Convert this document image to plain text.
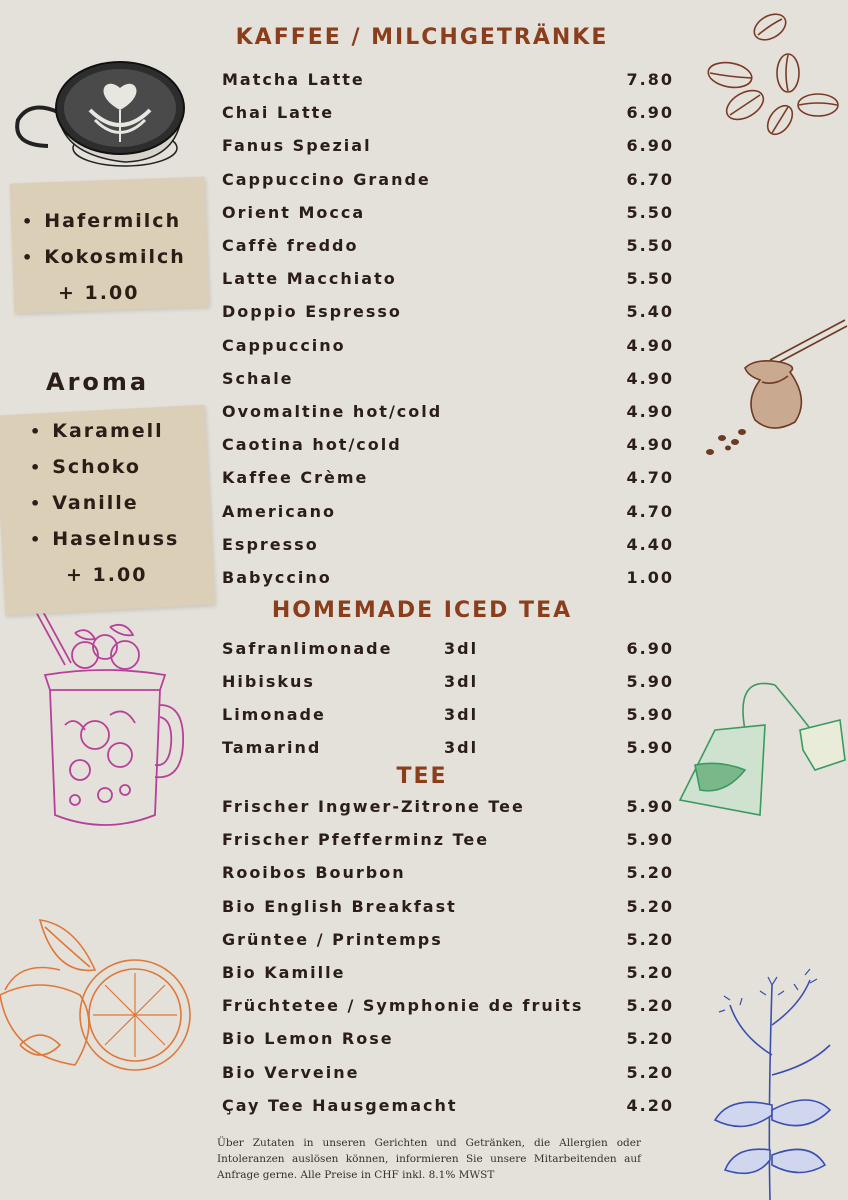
• Hafermilch
• Kokosmilch
+ 1.00
Aroma
• Karamell
• Schoko
• Vanille
• Haselnuss
+ 1.00
KAFFEE / MILCHGETRÄNKE
HOMEMADE ICED TEA
TEE
Matcha Latte	7.80
Chai Latte	6.90
Fanus Spezial	6.90
Cappuccino Grande	6.70
Orient Mocca	5.50
Caffè freddo	5.50
Latte Macchiato	5.50
Doppio Espresso	5.40
Cappuccino	4.90
Schale	4.90
Ovomaltine hot/cold	4.90
Caotina hot/cold	4.90
Kaffee Crème	4.70
Americano	4.70
Espresso	4.40
Babyccino	1.00
Safranlimonade	3dl	6.90
Hibiskus	3dl	5.90
Limonade	3dl	5.90
Tamarind	3dl	5.90
Frischer Ingwer-Zitrone Tee	5.90
Frischer Pfefferminz Tee	5.90
Rooibos Bourbon	5.20
Bio English Breakfast	5.20
Grüntee / Printemps	5.20
Bio Kamille	5.20
Früchtetee / Symphonie de fruits	5.20
Bio Lemon Rose	5.20
Bio Verveine	5.20
Çay Tee Hausgemacht	4.20
Über Zutaten in unseren Gerichten und Getränken, die Allergien oder Intoleranzen auslösen können, informieren Sie unsere Mitarbeitenden auf Anfrage gerne. Alle Preise in CHF inkl. 8.1% MWST
